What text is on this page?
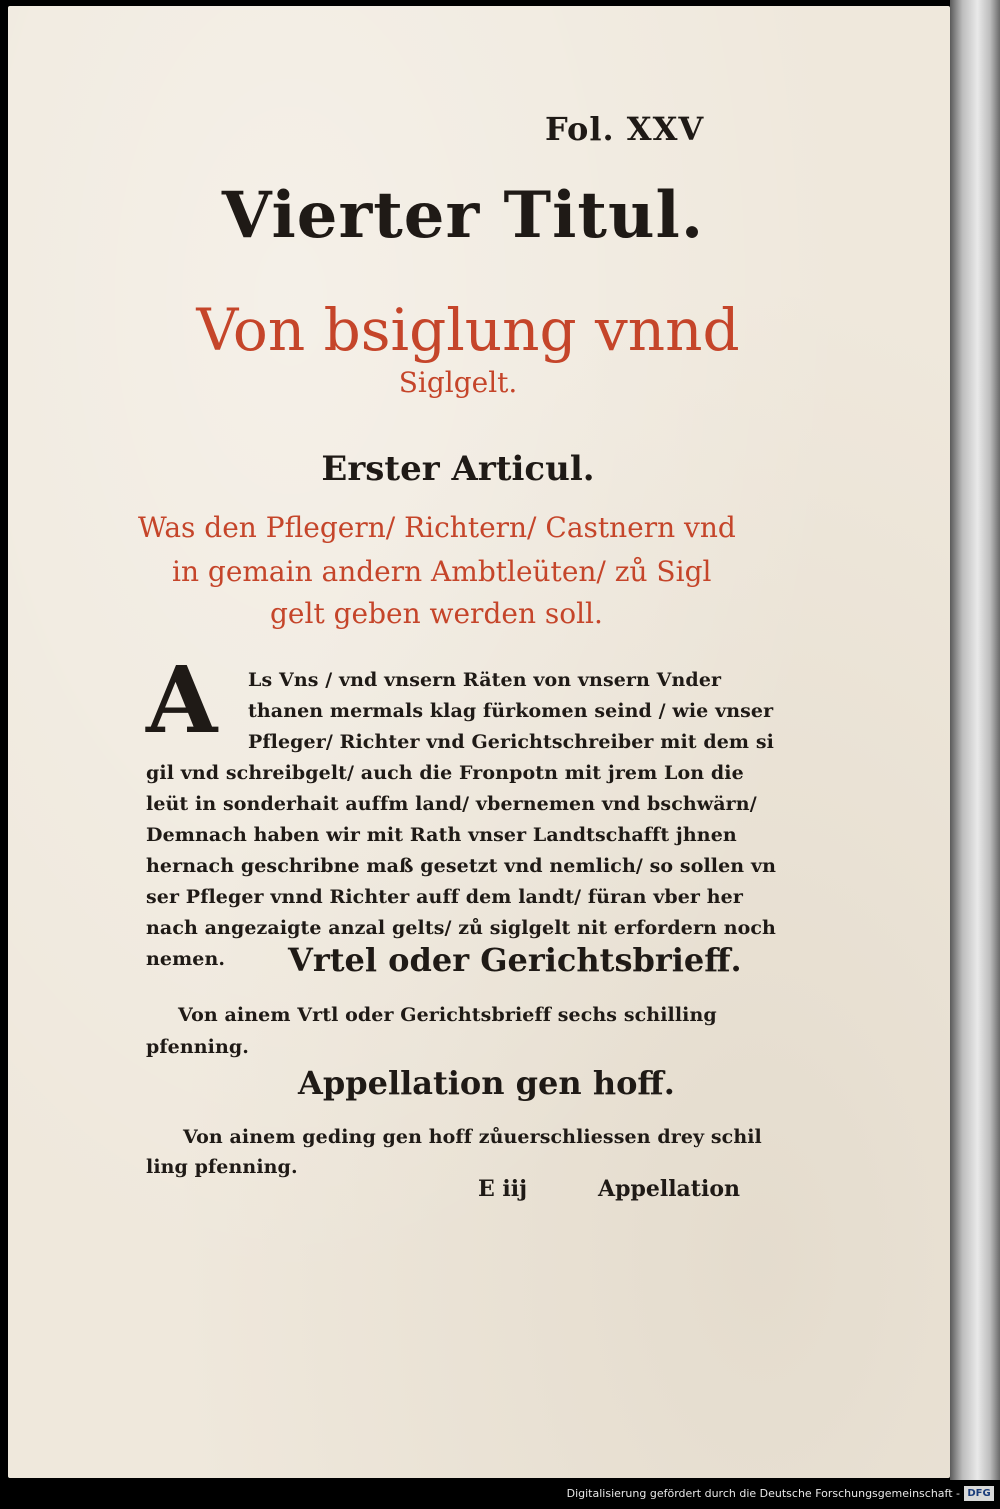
Fol. XXV
Vierter Titul.
Von bsiglung vnnd
Siglgelt.
Erster Articul.
Was den Pflegern/ Richtern/ Castnern vnd
in gemain andern Ambtleüten/ zů Sigl
gelt geben werden soll.
A Ls Vns / vnd vnsern Räten von vnsern Vnder
thanen mermals klag fürkomen seind / wie vnser
Pfleger/ Richter vnd Gerichtschreiber mit dem si
gil vnd schreibgelt/ auch die Fronpotn mit jrem Lon die
leüt in sonderhait auffm land/ vbernemen vnd bschwärn/
Demnach haben wir mit Rath vnser Landtschafft jhnen
hernach geschribne maß gesetzt vnd nemlich/ so sollen vn
ser Pfleger vnnd Richter auff dem landt/ füran vber her
nach angezaigte anzal gelts/ zů siglgelt nit erfordern noch
nemen. Vrtel oder Gerichtsbrieff.
Von ainem Vrtl oder Gerichtsbrieff sechs schilling
pfenning.
Appellation gen hoff.
Von ainem geding gen hoff zůuerschliessen drey schil
ling pfenning.
E iij	Appellation
Digitalisierung gefördert durch die Deutsche Forschungsgemeinschaft - DFG
